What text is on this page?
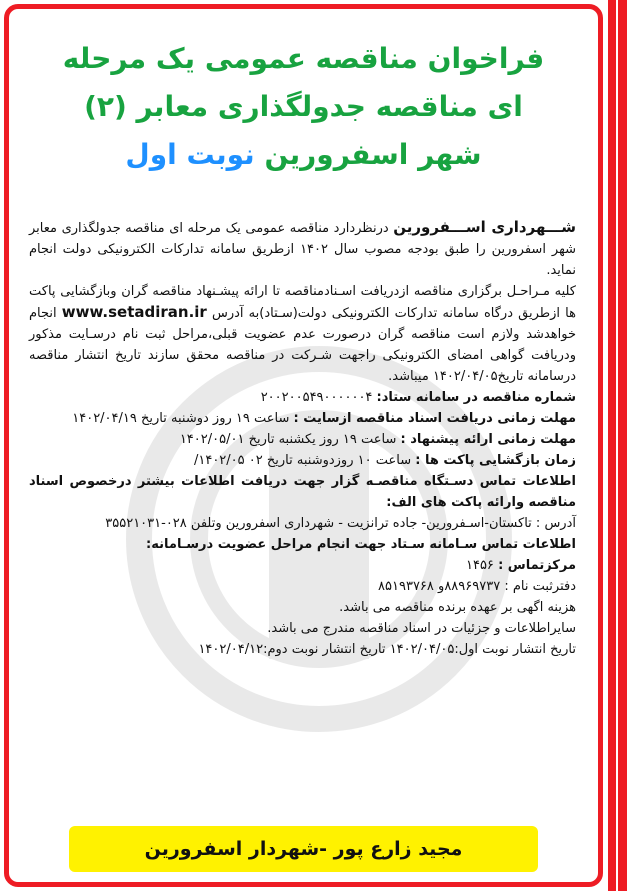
فراخوان مناقصه عمومی یک مرحله
ای مناقصه جدولگذاری معابر (۲)
شهر اسفرورین نوبت اول

شـــهرداری اســـفرورین درنظردارد مناقصه عمومی یک مرحله ای مناقصه جدولگذاری معابر شهر اسفرورین را طبق بودجه مصوب سال ۱۴۰۲ ازطریق سامانه تدارکات الکترونیکی دولت انجام نماید.

کلیه مـراحـل برگزاری مناقصه ازدریافت اسـنادمناقصه تا ارائه پیشـنهاد مناقصه گران وبازگشایی پاکت ها ازطریق درگاه سامانه تدارکات الکترونیکی دولت(سـتاد)به آدرس www.setadiran.ir انجام خواهدشد ولازم است مناقصه گران درصورت عدم عضویت قبلی،مراحل ثبت نام درسـایت مذکور ودریافت گواهی امضای الکترونیکی راجهت شـرکت در مناقصه محقق سازند تاریخ انتشار مناقصه درسامانه تاریخ۱۴۰۲/۰۴/۰۵ میباشد.

شماره مناقصه در سامانه ستاد: ۲۰۰۲۰۰۵۴۹۰۰۰۰۰۰۴

مهلت زمانی دریافت اسناد مناقصه ازسایت : ساعت ۱۹ روز دوشنبه تاریخ ۱۴۰۲/۰۴/۱۹

مهلت زمانی ارائه پیشنهاد : ساعت ۱۹ روز یکشنبه تاریخ ۱۴۰۲/۰۵/۰۱

زمان بازگشایی پاکت ها : ساعت ۱۰ روزدوشنبه تاریخ ۰۲ ۱۴۰۲/۰۵/

اطلاعات تماس دسـتگاه مناقصـه گزار جهت دریافت اطلاعات بیشتر درخصوص اسناد مناقصه وارائه پاکت های الف:

آدرس : تاکستان-اسـفرورین- جاده ترانزیت - شهرداری اسفرورین وتلفن ۰۲۸-۳۵۵۲۱۰۳۱

اطلاعات تماس سـامانه سـتاد جهت انجام مراحل عضویت درسـامانه:

مرکزتماس : ۱۴۵۶

دفترثبت نام : ۸۸۹۶۹۷۳۷و ۸۵۱۹۳۷۶۸

هزینه اگهی بر عهده برنده مناقصه می باشد.

سایراطلاعات و جزئیات در اسناد مناقصه مندرج می باشد.

تاریخ انتشار نوبت اول:۱۴۰۲/۰۴/۰۵ تاریخ انتشار نوبت دوم:۱۴۰۲/۰۴/۱۲

مجید زارع پور -شهردار اسفرورین
